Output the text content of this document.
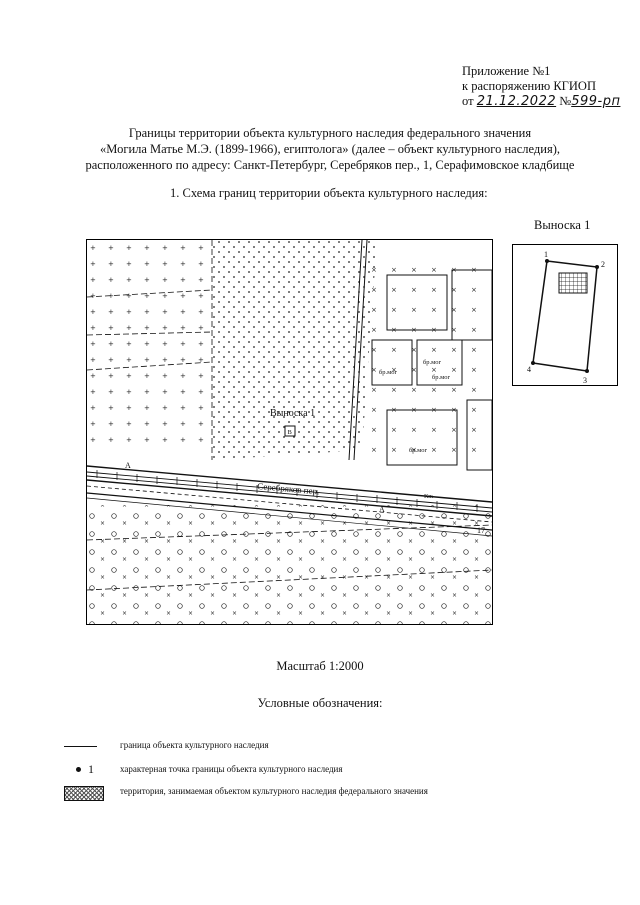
Приложение №1
к распоряжению КГИОП
от 21.12.2022 №599-рп
Границы территории объекта культурного наследия федерального значения
«Могила Матье М.Э. (1899-1966), египтолога» (далее – объект культурного наследия),
расположенного по адресу: Санкт-Петербург, Серебряков пер., 1, Серафимовское кладбище
1. Схема границ территории объекта культурного наследия:
Выноска 1
В
Выноска 1
Серебряков пер.
бр.мог
бр.мог
бр.мог
бр.мог
Кж
А
А
17
1
2
3
4
Масштаб 1:2000
Условные обозначения:
граница объекта культурного наследия
1	характерная точка границы объекта культурного наследия
территория, занимаемая объектом культурного наследия федерального значения
